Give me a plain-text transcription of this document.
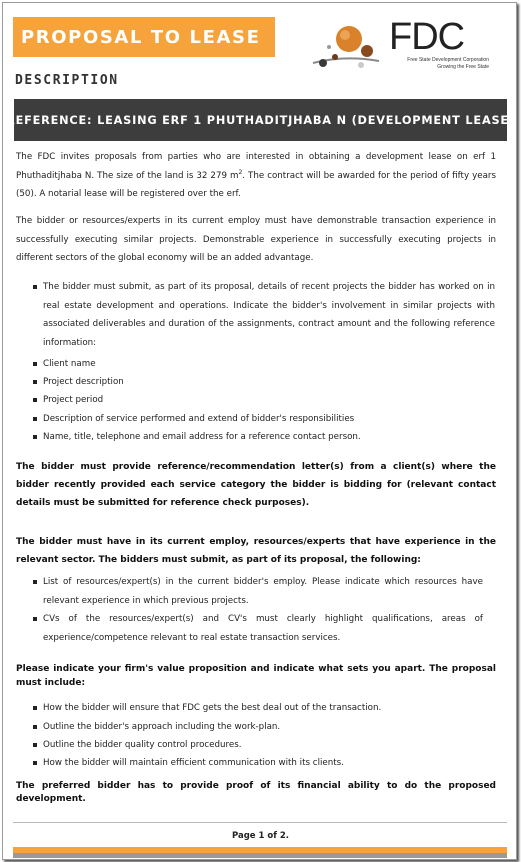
PROPOSAL TO LEASE	FDC
Free State Development Corporation
Growing the Free State
DESCRIPTION
REFERENCE: LEASING ERF 1 PHUTHADITJHABA N (DEVELOPMENT LEASE)
The FDC invites proposals from parties who are interested in obtaining a development lease on erf 1 Phuthaditjhaba N. The size of the land is 32 279 $m^2$. The contract will be awarded for the period of fifty years (50). A notarial lease will be registered over the erf.
The bidder or resources/experts in its current employ must have demonstrable transaction experience in successfully executing similar projects. Demonstrable experience in successfully executing projects in different sectors of the global economy will be an added advantage.
The bidder must submit, as part of its proposal, details of recent projects the bidder has worked on in real estate development and operations. Indicate the bidder's involvement in similar projects with associated deliverables and duration of the assignments, contract amount and the following reference information:
Client name
Project description
Project period
Description of service performed and extend of bidder's responsibilities
Name, title, telephone and email address for a reference contact person.
The bidder must provide reference/recommendation letter(s) from a client(s) where the bidder recently provided each service category the bidder is bidding for (relevant contact details must be submitted for reference check purposes).
The bidder must have in its current employ, resources/experts that have experience in the relevant sector. The bidders must submit, as part of its proposal, the following:
List of resources/expert(s) in the current bidder's employ. Please indicate which resources have relevant experience in which previous projects.
CVs of the resources/expert(s) and CV's must clearly highlight qualifications, areas of experience/competence relevant to real estate transaction services.
Please indicate your firm's value proposition and indicate what sets you apart. The proposal must include:
How the bidder will ensure that FDC gets the best deal out of the transaction.
Outline the bidder's approach including the work-plan.
Outline the bidder quality control procedures.
How the bidder will maintain efficient communication with its clients.
The preferred bidder has to provide proof of its financial ability to do the proposed development.
Page 1 of 2.
